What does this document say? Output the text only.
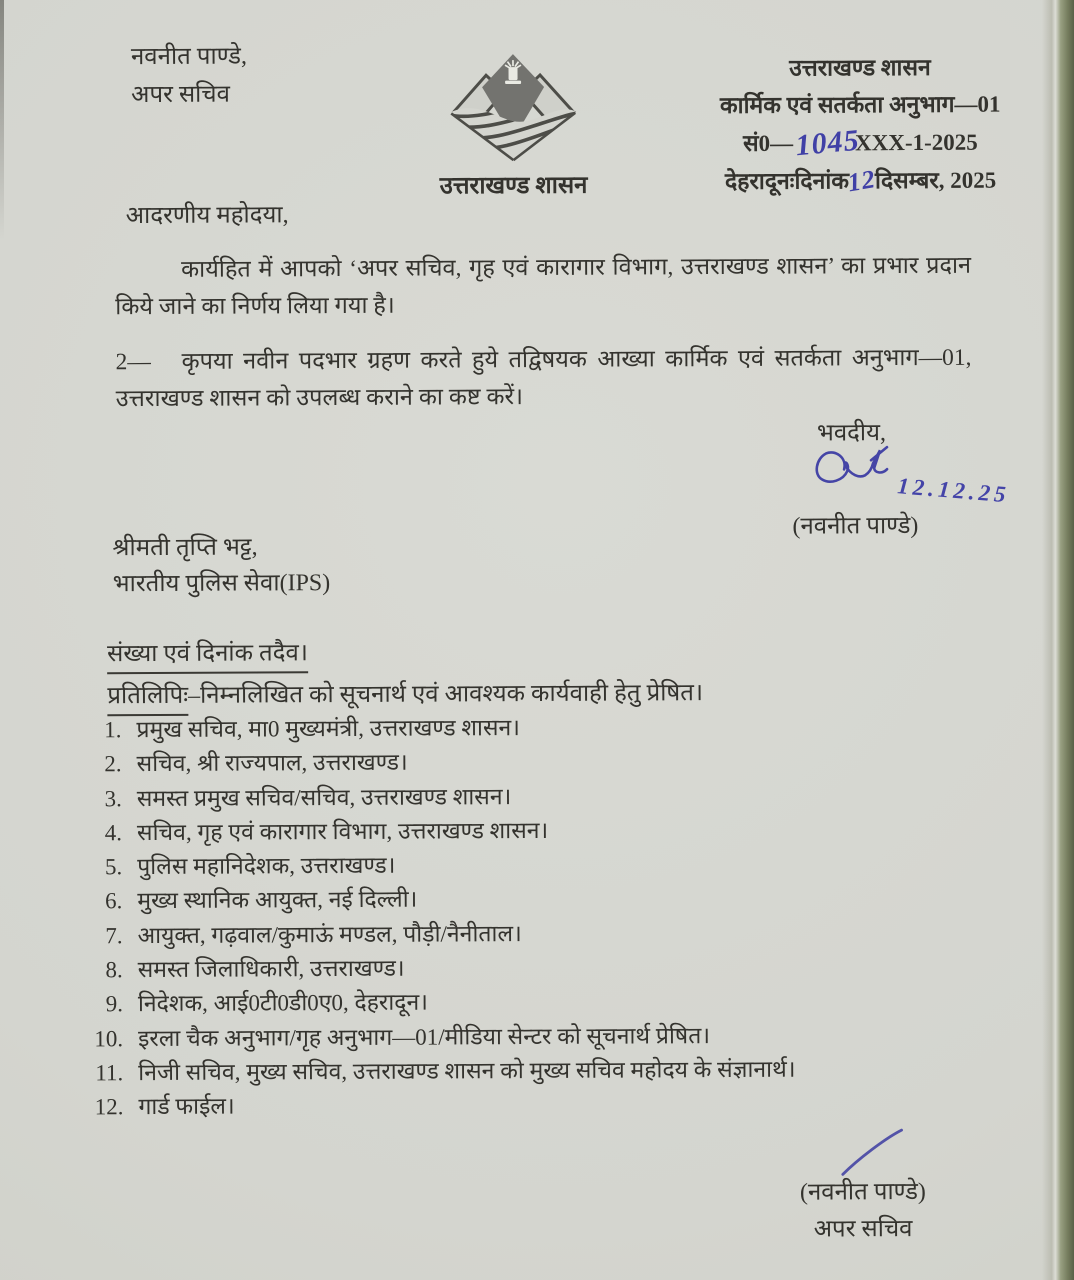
नवनीत पाण्डे,
अपर सचिव
उत्तराखण्ड शासन
उत्तराखण्ड शासन
कार्मिक एवं सतर्कता अनुभाग—01
सं0—1045XXX-1-2025
देहरादूनःदिनांक12दिसम्बर, 2025
आदरणीय महोदया,
कार्यहित में आपको ‘अपर सचिव, गृह एवं कारागार विभाग, उत्तराखण्ड शासन’ का प्रभार प्रदान किये जाने का निर्णय लिया गया है।
2— कृपया नवीन पदभार ग्रहण करते हुये तद्विषयक आख्या कार्मिक एवं सतर्कता अनुभाग—01, उत्तराखण्ड शासन को उपलब्ध कराने का कष्ट करें।
भवदीय,
12.12.25
(नवनीत पाण्डे)
श्रीमती तृप्ति भट्ट,
भारतीय पुलिस सेवा(IPS)
संख्या एवं दिनांक तदैव।
प्रतिलिपिः–निम्नलिखित को सूचनार्थ एवं आवश्यक कार्यवाही हेतु प्रेषित।
1. प्रमुख सचिव, मा0 मुख्यमंत्री, उत्तराखण्ड शासन।
2. सचिव, श्री राज्यपाल, उत्तराखण्ड।
3. समस्त प्रमुख सचिव/सचिव, उत्तराखण्ड शासन।
4. सचिव, गृह एवं कारागार विभाग, उत्तराखण्ड शासन।
5. पुलिस महानिदेशक, उत्तराखण्ड।
6. मुख्य स्थानिक आयुक्त, नई दिल्ली।
7. आयुक्त, गढ़वाल/कुमाऊं मण्डल, पौड़ी/नैनीताल।
8. समस्त जिलाधिकारी, उत्तराखण्ड।
9. निदेशक, आई0टी0डी0ए0, देहरादून।
10. इरला चैक अनुभाग/गृह अनुभाग—01/मीडिया सेन्टर को सूचनार्थ प्रेषित।
11. निजी सचिव, मुख्य सचिव, उत्तराखण्ड शासन को मुख्य सचिव महोदय के संज्ञानार्थ।
12. गार्ड फाईल।
(नवनीत पाण्डे)
अपर सचिव
